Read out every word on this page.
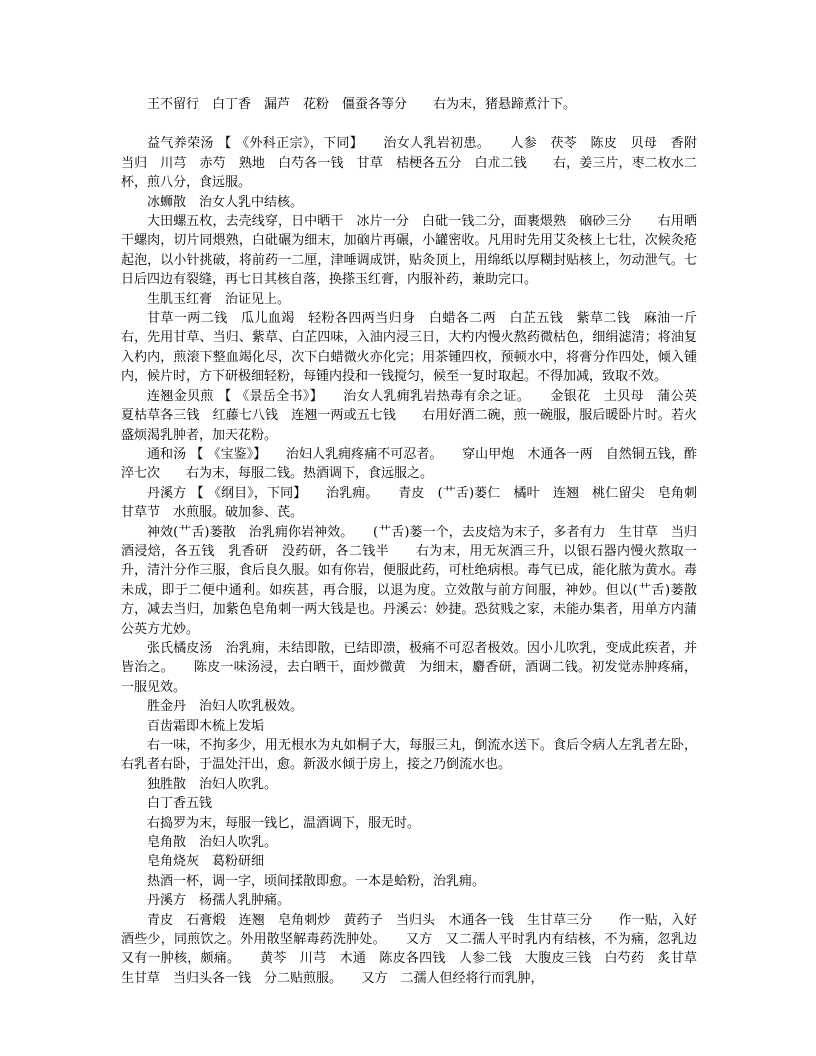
王不留行　白丁香　漏芦　花粉　僵蚕各等分　　右为末，猪悬蹄煮汁下。

益气养荣汤 【 《外科正宗》，下同】　　治女人乳岩初患。　　人参　茯苓　陈皮　贝母　香附　当归　川芎　赤芍　熟地　白芍各一钱　甘草　桔梗各五分　白朮二钱　　右，姜三片，枣二枚水二杯，煎八分，食远服。

冰蛳散　治女人乳中结核。

大田螺五枚，去壳线穿，日中晒干　冰片一分　白砒一钱二分，面裹煨熟　硇砂三分　　右用晒干螺肉，切片同煨熟，白砒碾为细末，加硇片再碾，小罐密收。凡用时先用艾灸核上七壮，次候灸疮起泡，以小针挑破，将前药一二厘，津唾调成饼，贴灸顶上，用绵纸以厚糊封贴核上，勿动泄气。七日后四边有裂缝，再七日其核自落，换搽玉红膏，内服补药，兼助完口。

生肌玉红膏　治证见上。

甘草一两二钱　瓜儿血竭　轻粉各四两当归身　白蜡各二两　白芷五钱　紫草二钱　麻油一斤　　右，先用甘草、当归、紫草、白芷四味，入油内浸三日，大杓内慢火熬药微枯色，细绢滤清；将油复入杓内，煎滚下整血竭化尽，次下白蜡微火亦化完；用茶锺四枚，预顿水中，将膏分作四处，倾入锺内，候片时，方下研极细轻粉，每锺内投和一钱搅匀，候至一复时取起。不得加减，致取不效。

连翘金贝煎 【 《景岳全书》】　　治女人乳痈乳岩热毒有余之证。　　金银花　土贝母　蒲公英　夏枯草各三钱　红藤七八钱　连翘一两或五七钱　　右用好酒二碗，煎一碗服，服后暖卧片时。若火盛烦渴乳肿者，加天花粉。

通和汤 【 《宝鉴》】　　治妇人乳痈疼痛不可忍者。　　穿山甲炮　木通各一两　自然铜五钱，酢淬七次　　右为末，每服二钱。热酒调下，食远服之。

丹溪方 【 《纲目》，下同】　　治乳痈。　　青皮　(艹舌)蒌仁　橘叶　连翘　桃仁留尖　皂角刺　甘草节　水煎服。破加参、芪。

神效(艹舌)蒌散　治乳痈你岩神效。　　(艹舌)蒌一个，去皮焙为末子，多者有力　生甘草　当归酒浸焙，各五钱　乳香研　没药研，各二钱半　　右为末，用无灰酒三升，以银石器内慢火熬取一升，清汁分作三服，食后良久服。如有你岩，便服此药，可杜绝病根。毒气已成，能化脓为黄水。毒未成，即于二便中通利。如疾甚，再合服，以退为度。立效散与前方间服，神妙。但以(艹舌)蒌散方，减去当归，加紫色皂角刺一两大钱是也。丹溪云：妙捷。恐贫贱之家，未能办集者，用单方内蒲公英方尤妙。

张氏橘皮汤　治乳痈，未结即散，已结即溃，极痛不可忍者极效。因小儿吹乳，变成此疾者，并皆治之。　　陈皮一味汤浸，去白晒干，面炒微黄　为细末，麝香研，酒调二钱。初发觉赤肿疼痛，一服见效。

胜金丹　治妇人吹乳极效。

百齿霜即木梳上发垢

右一味，不拘多少，用无根水为丸如桐子大，每服三丸，倒流水送下。食后令病人左乳者左卧，右乳者右卧，于温处汗出，愈。新汲水倾于房上，接之乃倒流水也。

独胜散　治妇人吹乳。

白丁香五钱

右捣罗为末，每服一钱匕，温酒调下，服无时。

皂角散　治妇人吹乳。

皂角烧灰　葛粉研细

热酒一杯，调一字，顷间揉散即愈。一本是蛤粉，治乳痈。

丹溪方　杨孺人乳肿痛。

青皮　石膏煅　连翘　皂角刺炒　黄药子　当归头　木通各一钱　生甘草三分　　作一贴，入好酒些少，同煎饮之。外用散坚解毒药洗肿处。　　又方　又二孺人平时乳内有结核，不为痛，忽乳边又有一肿核，颇痛。　　黄芩　川芎　木通　陈皮各四钱　人参二钱　大腹皮三钱　白芍药　炙甘草　生甘草　当归头各一钱　分二贴煎服。　　又方　二孺人但经将行而乳肿，
